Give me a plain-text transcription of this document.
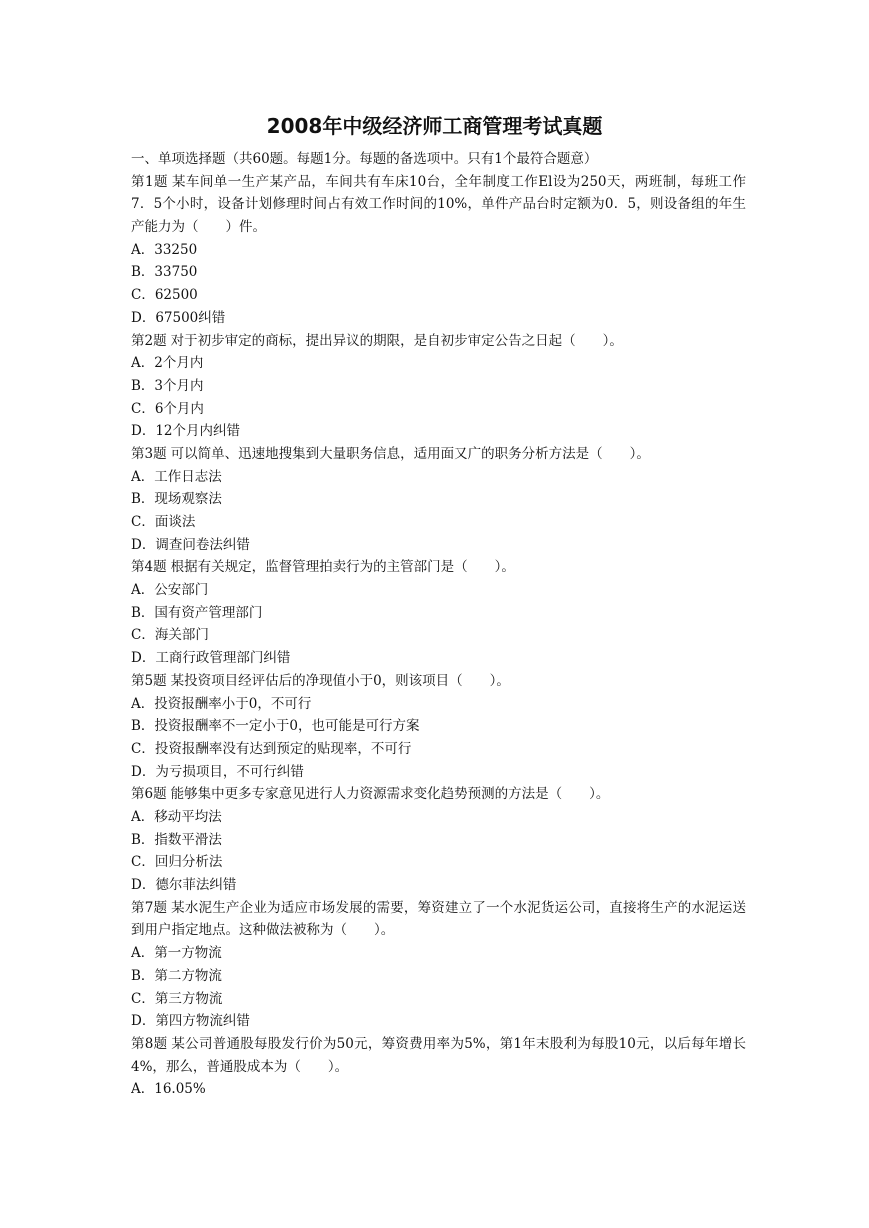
2008年中级经济师工商管理考试真题
一、单项选择题（共60题。每题1分。每题的备选项中。只有1个最符合题意）
第1题 某车间单一生产某产品，车间共有车床10台，全年制度工作El设为250天，两班制，每班工作7．5个小时，设备计划修理时间占有效工作时间的10%，单件产品台时定额为0．5，则设备组的年生产能力为（　　）件。
A．33250
B．33750
C．62500
D．67500纠错
第2题 对于初步审定的商标，提出异议的期限，是自初步审定公告之日起（　　）。
A．2个月内
B．3个月内
C．6个月内
D．12个月内纠错
第3题 可以简单、迅速地搜集到大量职务信息，适用面又广的职务分析方法是（　　）。
A．工作日志法
B．现场观察法
C．面谈法
D．调查问卷法纠错
第4题 根据有关规定，监督管理拍卖行为的主管部门是（　　）。
A．公安部门
B．国有资产管理部门
C．海关部门
D．工商行政管理部门纠错
第5题 某投资项目经评估后的净现值小于0，则该项目（　　）。
A．投资报酬率小于0，不可行
B．投资报酬率不一定小于0，也可能是可行方案
C．投资报酬率没有达到预定的贴现率，不可行
D．为亏损项目，不可行纠错
第6题 能够集中更多专家意见进行人力资源需求变化趋势预测的方法是（　　）。
A．移动平均法
B．指数平滑法
C．回归分析法
D．德尔菲法纠错
第7题 某水泥生产企业为适应市场发展的需要，筹资建立了一个水泥货运公司，直接将生产的水泥运送到用户指定地点。这种做法被称为（　　）。
A．第一方物流
B．第二方物流
C．第三方物流
D．第四方物流纠错
第8题 某公司普通股每股发行价为50元，筹资费用率为5%，第1年末股利为每股10元，以后每年增长4%，那么，普通股成本为（　　）。
A．16.05%
